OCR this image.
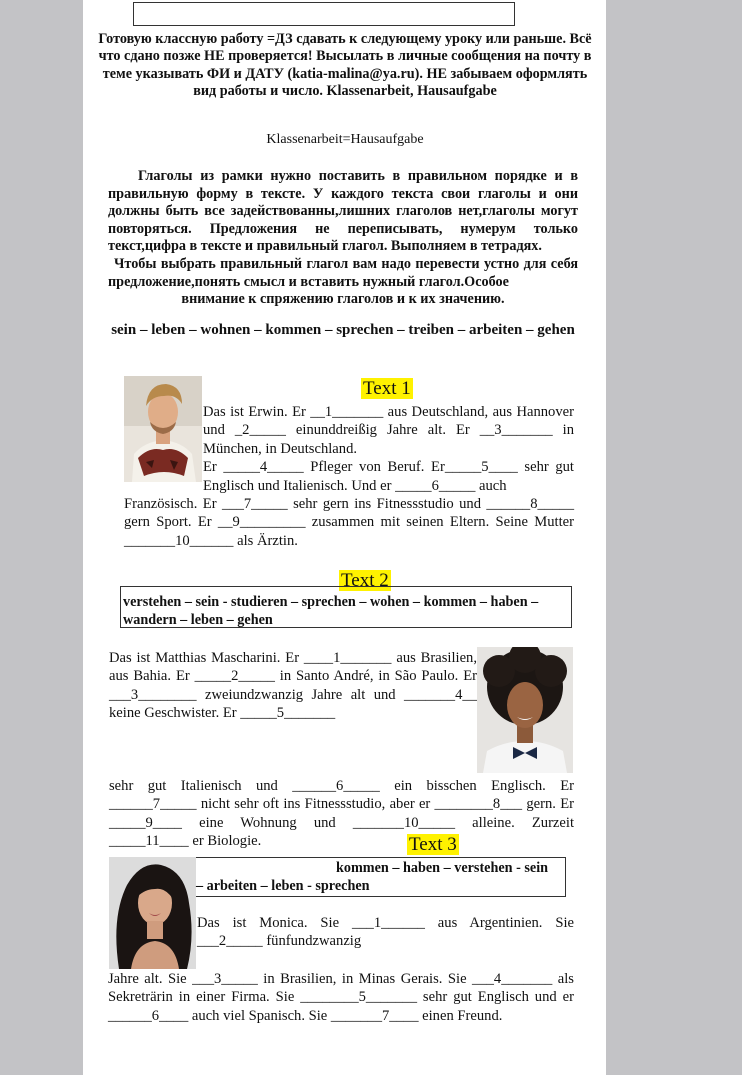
Готовую классную работу =ДЗ сдавать к следующему уроку или раньше. Всё что сдано позже НЕ проверяется! Высылать в личные сообщения на почту в теме указывать ФИ и ДАТУ (katia-malina@ya.ru). НЕ забываем оформлять вид работы и число. Klassenarbeit, Hausaufgabe
Klassenarbeit=Hausaufgabe
Глаголы из рамки нужно поставить в правильном порядке и в правильную форму в тексте. У каждого текста свои глаголы и они должны быть все задействованны,лишних глаголов нет,глаголы могут повторяться. Предложения не переписывать, нумерум только текст,цифра в тексте и правильный глагол. Выполняем в тетрадях.
Чтобы выбрать правильный глагол вам надо перевести устно для себя предложение,понять смысл и вставить нужный глагол.Особое
внимание к спряжению глаголов и к их значению.
sein – leben – wohnen – kommen – sprechen – treiben – arbeiten – gehen
Text 1
Das ist Erwin. Er __1_______ aus Deutschland, aus Hannover und _2_____ einunddreißig Jahre alt. Er __3_______ in München, in Deutschland.
Er _____4_____ Pfleger von Beruf. Er_____5____ sehr gut Englisch und Italienisch. Und er _____6_____ auch
Französisch. Er ___7_____ sehr gern ins Fitnessstudio und ______8_____ gern Sport. Er __9_________ zusammen mit seinen Eltern. Seine Mutter _______10______ als Ärztin.
Text 2
verstehen – sein - studieren – sprechen – wohen – kommen – haben – wandern – leben – gehen
Das ist Matthias Mascharini. Er ____1_______ aus Brasilien, aus Bahia. Er _____2_____ in Santo André, in São Paulo. Er ___3________ zweiundzwanzig Jahre alt und _______4__ keine Geschwister. Er _____5_______
sehr gut Italienisch und ______6_____ ein bisschen Englisch. Er ______7_____ nicht sehr oft ins Fitnessstudio, aber er ________8___ gern. Er _____9____ eine Wohnung und _______10_____ alleine. Zurzeit _____11____ er Biologie.	Text 3
kommen – haben – verstehen - sein
– arbeiten – leben - sprechen
Das ist Monica. Sie ___1______ aus Argentinien. Sie ___2_____ fünfundzwanzig
Jahre alt. Sie ___3_____ in Brasilien, in Minas Gerais. Sie ___4_______ als Sekreträrin in einer Firma. Sie ________5_______ sehr gut Englisch und er ______6____ auch viel Spanisch. Sie _______7____ einen Freund.
